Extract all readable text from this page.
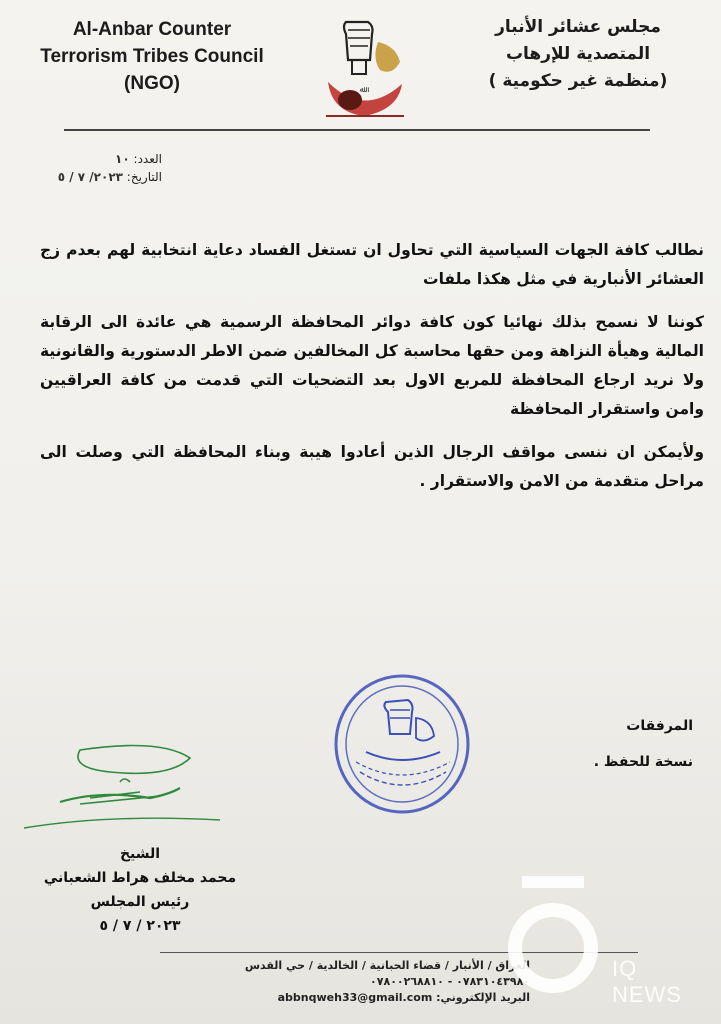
Al-Anbar Counter
Terrorism Tribes Council
(NGO)	ﷲ
مجلس عشائر الأنبار
المتصدية للإرهاب
(منظمة غير حكومية )
العدد: ١٠
التاريخ: ٢٠٢٣/ ٧ / ٥

نطالب كافة الجهات السياسية التي تحاول ان تستغل الفساد دعاية انتخابية لهم بعدم زج العشائر الأنبارية في مثل هكذا ملفات

كوننا لا نسمح بذلك نهائيا كون كافة دوائر المحافظة الرسمية هي عائدة الى الرقابة المالية وهيأة النزاهة ومن حقها محاسبة كل المخالفين ضمن الاطر الدستورية والقانونية ولا نريد ارجاع المحافظة للمربع الاول بعد التضحيات التي قدمت من كافة العراقيين وامن واستقرار المحافظة

ولأيمكن ان ننسى مواقف الرجال الذين أعادوا هيبة وبناء المحافظة التي وصلت الى مراحل متقدمة من الامن والاستقرار .

المرفقات
نسخة للحفظ .
الشيخ
محمد مخلف هراط الشعباني
رئيس المجلس
٢٠٢٣ / ٧ / ٥
العراق / الأنبار / قضاء الحبانية / الخالدية / حي القدس
٠٧٨٣١٠٤٣٩٨٠ - ٠٧٨٠٠٢٦٨٨١٠
البريد الإلكتروني: abbnqweh33@gmail.com
IQ NEWS
